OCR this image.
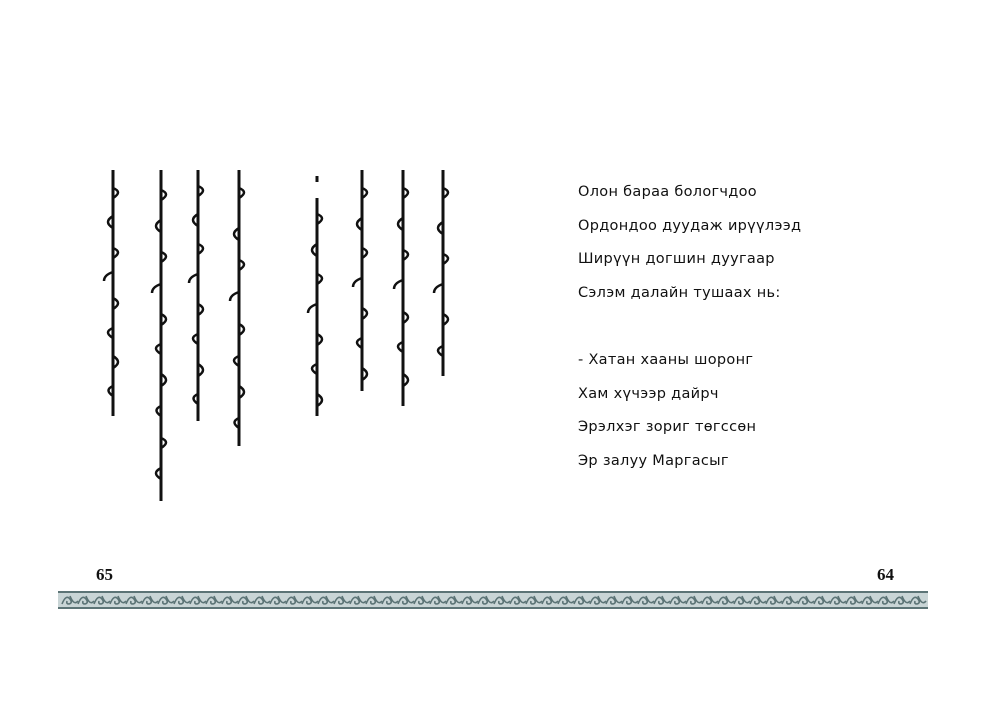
Олон бараа бологчдоо
Ордондоо дуудаж ирүүлээд
Ширүүн догшин дуугаар
Сэлэм далайн тушаах нь:
- Хатан хааны шоронг
Хам хүчээр дайрч
Эрэлхэг зориг төгссөн
Эр залуу Маргасыг
65	64
